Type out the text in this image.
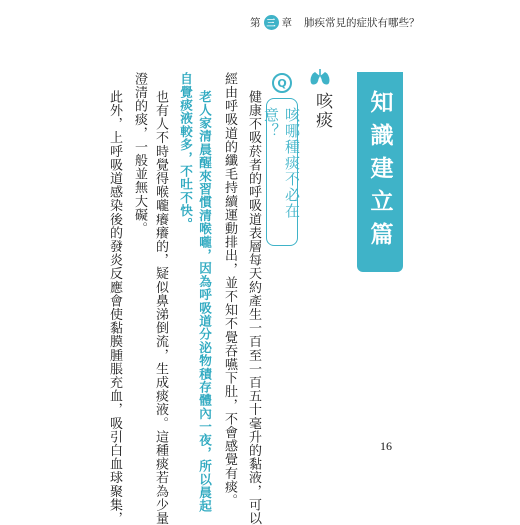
第 三 章 肺疾常見的症狀有哪些？
知識建立篇
咳痰
Q
咳哪種痰不必在意？
健康不吸菸者的呼吸道表層每天約產生一百至一百五十毫升的黏液，可以
經由呼吸道的纖毛持續運動排出，並不知不覺吞嚥下肚，不會感覺有痰。
老人家清晨醒來習慣清喉嚨，因為呼吸道分泌物積存體內一夜，所以晨起
自覺痰液較多，不吐不快。
也有人不時覺得喉嚨癢癢的，疑似鼻涕倒流，生成痰液。這種痰若為少量
澄清的痰，一般並無大礙。
此外，上呼吸道感染後的發炎反應會使黏膜腫脹充血，吸引白血球聚集，	16
